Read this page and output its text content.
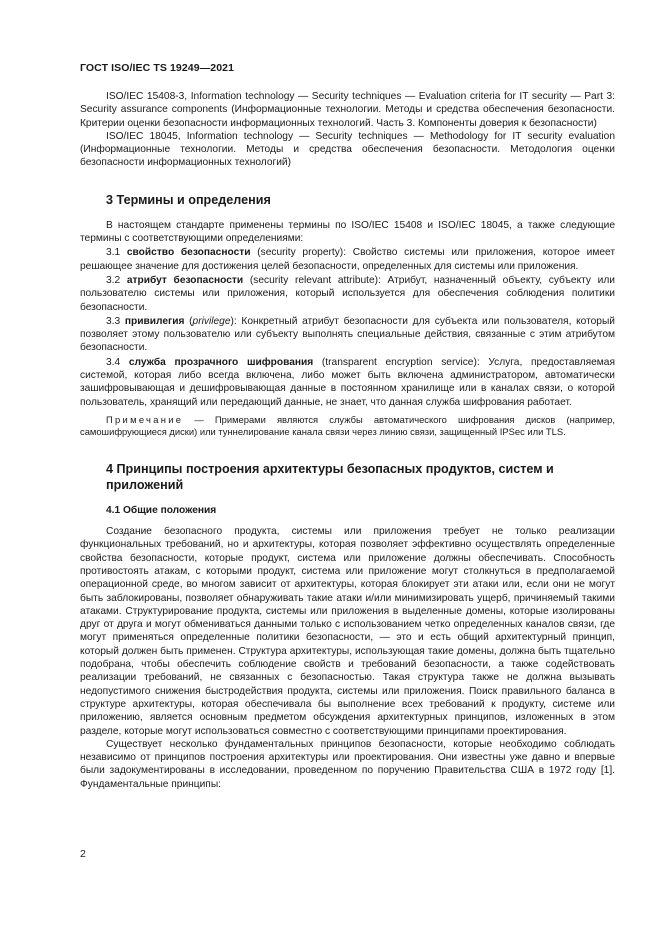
ГОСТ ISO/IEC TS 19249—2021

ISO/IEC 15408-3, Information technology — Security techniques — Evaluation criteria for IT security — Part 3: Security assurance components (Информационные технологии. Методы и средства обеспечения безопасности. Критерии оценки безопасности информационных технологий. Часть 3. Компоненты доверия к безопасности)

ISO/IEC 18045, Information technology — Security techniques — Methodology for IT security evaluation (Информационные технологии. Методы и средства обеспечения безопасности. Методология оценки безопасности информационных технологий)

3 Термины и определения

В настоящем стандарте применены термины по ISO/IEC 15408 и ISO/IEC 18045, а также следующие термины с соответствующими определениями:

3.1 свойство безопасности (security property): Свойство системы или приложения, которое имеет решающее значение для достижения целей безопасности, определенных для системы или приложения.

3.2 атрибут безопасности (security relevant attribute): Атрибут, назначенный объекту, субъекту или пользователю системы или приложения, который используется для обеспечения соблюдения политики безопасности.

3.3 привилегия (privilege): Конкретный атрибут безопасности для субъекта или пользователя, который позволяет этому пользователю или субъекту выполнять специальные действия, связанные с этим атрибутом безопасности.

3.4 служба прозрачного шифрования (transparent encryption service): Услуга, предоставляемая системой, которая либо всегда включена, либо может быть включена администратором, автоматически зашифровывающая и дешифровывающая данные в постоянном хранилище или в каналах связи, о которой пользователь, хранящий или передающий данные, не знает, что данная служба шифрования работает.

Примечание — Примерами являются службы автоматического шифрования дисков (например, самошифрующиеся диски) или туннелирование канала связи через линию связи, защищенный IPSec или TLS.

4 Принципы построения архитектуры безопасных продуктов, систем и приложений
4.1 Общие положения

Создание безопасного продукта, системы или приложения требует не только реализации функциональных требований, но и архитектуры, которая позволяет эффективно осуществлять определенные свойства безопасности, которые продукт, система или приложение должны обеспечивать. Способность противостоять атакам, с которыми продукт, система или приложение могут столкнуться в предполагаемой операционной среде, во многом зависит от архитектуры, которая блокирует эти атаки или, если они не могут быть заблокированы, позволяет обнаруживать такие атаки и/или минимизировать ущерб, причиняемый такими атаками. Структурирование продукта, системы или приложения в выделенные домены, которые изолированы друг от друга и могут обмениваться данными только с использованием четко определенных каналов связи, где могут применяться определенные политики безопасности, — это и есть общий архитектурный принцип, который должен быть применен. Структура архитектуры, использующая такие домены, должна быть тщательно подобрана, чтобы обеспечить соблюдение свойств и требований безопасности, а также содействовать реализации требований, не связанных с безопасностью. Такая структура также не должна вызывать недопустимого снижения быстродействия продукта, системы или приложения. Поиск правильного баланса в структуре архитектуры, которая обеспечивала бы выполнение всех требований к продукту, системе или приложению, является основным предметом обсуждения архитектурных принципов, изложенных в этом разделе, которые могут использоваться совместно с соответствующими принципами проектирования.

Существует несколько фундаментальных принципов безопасности, которые необходимо соблюдать независимо от принципов построения архитектуры или проектирования. Они известны уже давно и впервые были задокументированы в исследовании, проведенном по поручению Правительства США в 1972 году [1]. Фундаментальные принципы:

2
